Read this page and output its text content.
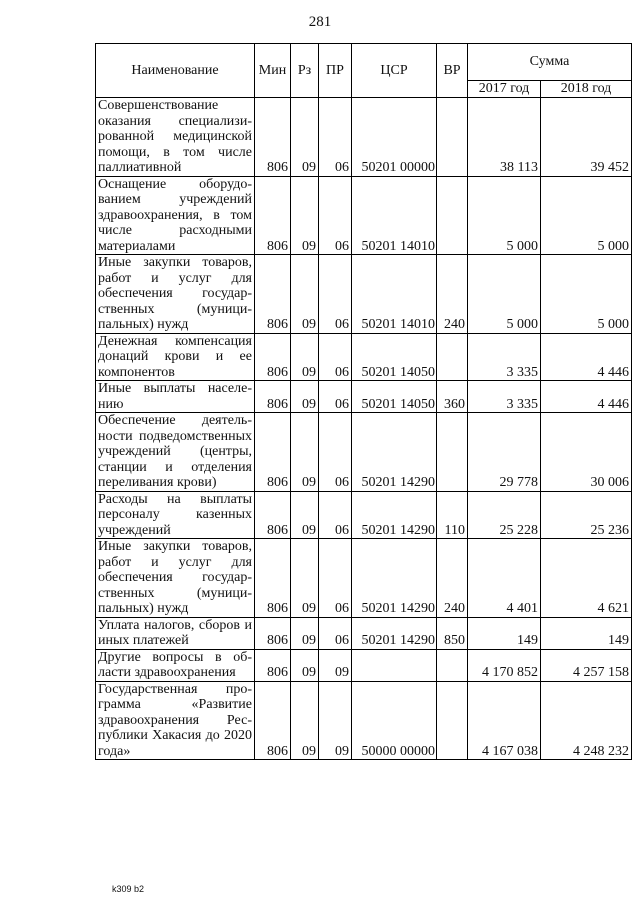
281
Наименование	Мин	Рз	ПР	ЦСР	ВР	Сумма	
						2017 год	2018 год
Совершенствование оказания специализированной медицинской помощи, в том числе паллиативной	806	09	06	50201 00000		38 113	39 452
Оснащение оборудованием учреждений здравоохранения, в том числе расходными материалами	806	09	06	50201 14010		5 000	5 000
Иные закупки товаров, работ и услуг для обеспечения государственных (муниципальных) нужд	806	09	06	50201 14010	240	5 000	5 000
Денежная компенсация донаций крови и ее компонентов	806	09	06	50201 14050		3 335	4 446
Иные выплаты населению	806	09	06	50201 14050	360	3 335	4 446
Обеспечение деятельности подведомственных учреждений (центры, станции и отделения переливания крови)	806	09	06	50201 14290		29 778	30 006
Расходы на выплаты персоналу казенных учреждений	806	09	06	50201 14290	110	25 228	25 236
Иные закупки товаров, работ и услуг для обеспечения государственных (муниципальных) нужд	806	09	06	50201 14290	240	4 401	4 621
Уплата налогов, сборов и иных платежей	806	09	06	50201 14290	850	149	149
Другие вопросы в области здравоохранения	806	09	09			4 170 852	4 257 158
Государственная программа «Развитие здравоохранения Республики Хакасия до 2020 года»	806	09	09	50000 00000		4 167 038	4 248 232
k309 b2
